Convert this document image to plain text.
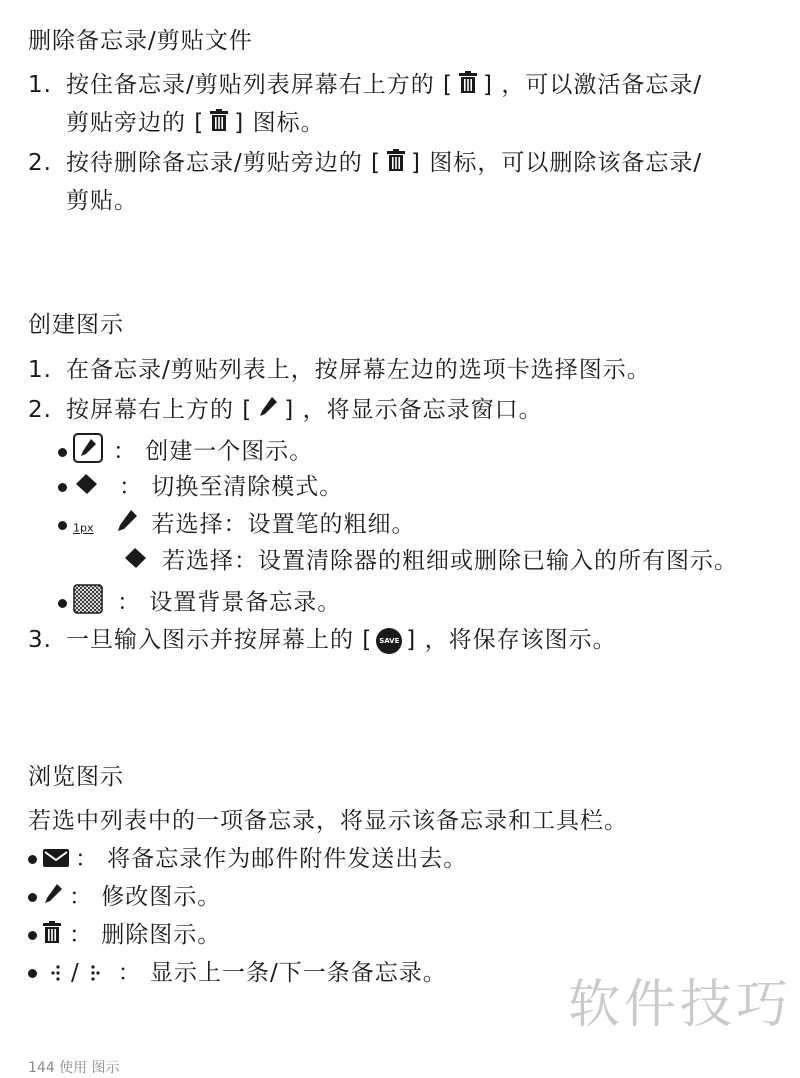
删除备忘录/剪贴文件
1. 按住备忘录/剪贴列表屏幕右上方的 [ ] ，可以激活备忘录/
剪贴旁边的 [ ] 图标。
2. 按待删除备忘录/剪贴旁边的 [ ] 图标，可以删除该备忘录/
剪贴。
创建图示
1. 在备忘录/剪贴列表上，按屏幕左边的选项卡选择图示。
2. 按屏幕右上方的 [ ] ，将显示备忘录窗口。
： 创建一个图示。
： 切换至清除模式。
1px	若选择：设置笔的粗细。
若选择：设置清除器的粗细或删除已输入的所有图示。
： 设置背景备忘录。
3. 一旦输入图示并按屏幕上的 [ SAVE ] ，将保存该图示。
浏览图示
若选中列表中的一项备忘录，将显示该备忘录和工具栏。
： 将备忘录作为邮件附件发送出去。
： 修改图示。
： 删除图示。
/ ： 显示上一条/下一条备忘录。
软件技巧
144 使用 图示
